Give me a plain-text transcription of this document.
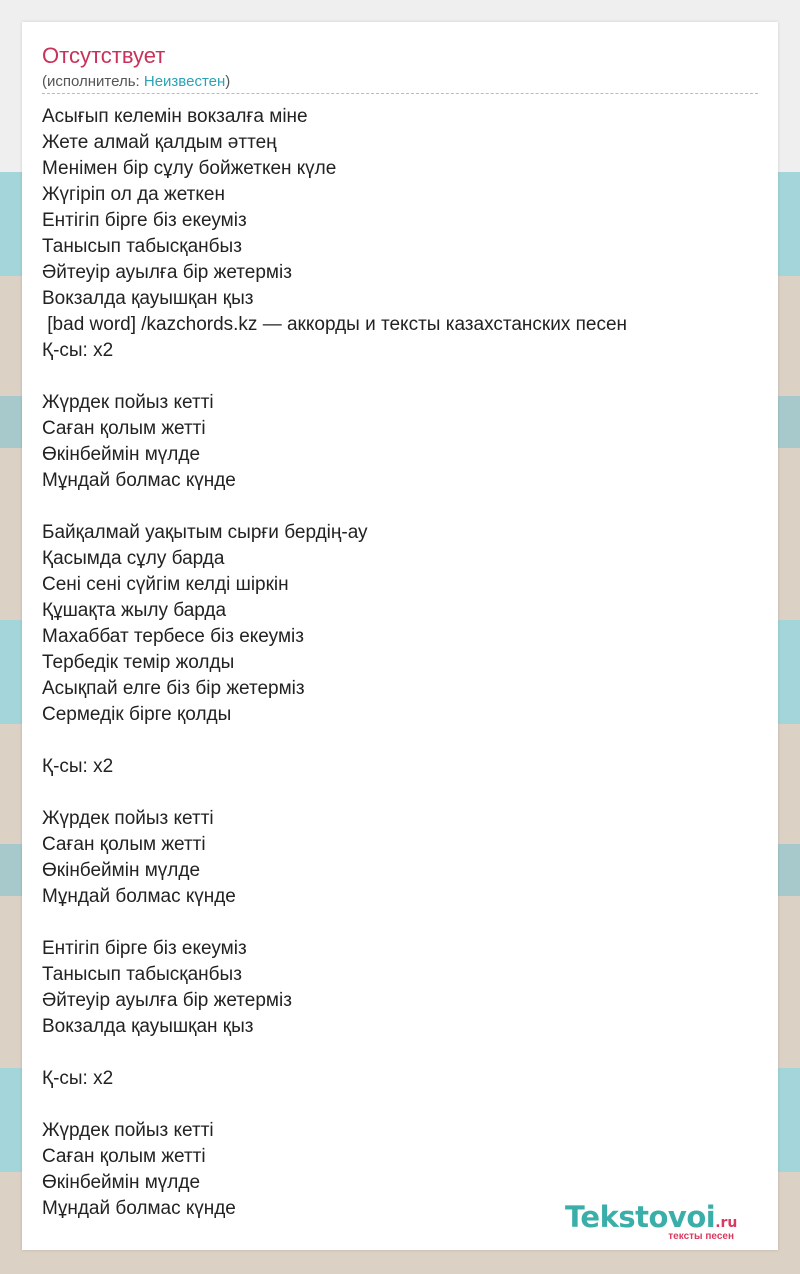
Отсутствует
(исполнитель: Неизвестен)
Асығып келемін вокзалға міне
Жете алмай қалдым әттең
Менімен бір сұлу бойжеткен күле
Жүгіріп ол да жеткен
Ентігіп бірге біз екеуміз
Танысып табысқанбыз
Әйтеуір ауылға бір жетерміз
Вокзалда қауышқан қыз
[bad word] /kazchords.kz — аккорды и тексты казахстанских песен
Қ-сы: х2
Жүрдек пойыз кетті
Саған қолым жетті
Өкінбеймін мүлде
Мұндай болмас күнде
Байқалмай уақытым сырғи бердің-ау
Қасымда сұлу барда
Сені сені сүйгім келді шіркін
Құшақта жылу барда
Махаббат тербесе біз екеуміз
Тербедік темір жолды
Асықпай елге біз бір жетерміз
Сермедік бірге қолды
Қ-сы: х2
Жүрдек пойыз кетті
Саған қолым жетті
Өкінбеймін мүлде
Мұндай болмас күнде
Ентігіп бірге біз екеуміз
Танысып табысқанбыз
Әйтеуір ауылға бір жетерміз
Вокзалда қауышқан қыз
Қ-сы: х2
Жүрдек пойыз кетті
Саған қолым жетті
Өкінбеймін мүлде
Мұндай болмас күнде	Tekstovoi.ru
тексты песен
